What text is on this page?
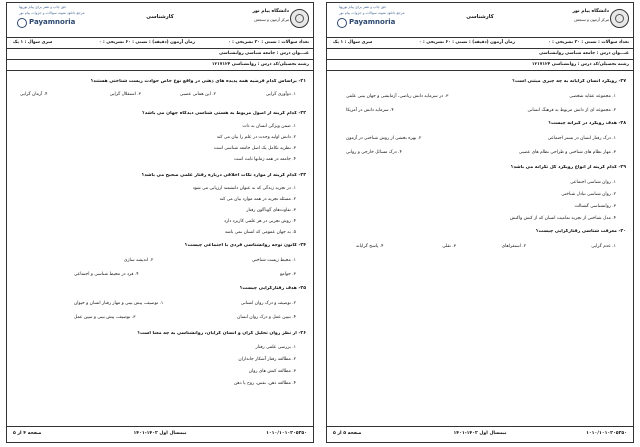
دانشگاه پیام نور
مرکز آزمون و سنجش
کارشناسی
حق چاپ و نشر برای پیام نوریها
مرجع دانلود نمونه سوالات و جزوات پیام نور
Payamnoria
تعداد سوالات : تستی : ۳۰ تشریحی : ۰
زمان آزمون (دقیقه) : تستی : ۶۰ تشریحی : ۰
سری سوال : ۱ یک
عنـــوان درس : جامعه شناسی روانشناسی
رشته تحصیلی/کد درس : روانشناسی ۱۲۱۷۱۲۴
۲۱- براساس کدام فرضیه همه پدیده های ذهنی در واقع نوع خاص حوادث زیست شناختی هستند؟
۱. دوآوری گرایی
۲. این همانی عصبی
۳. استقلال گرایی
۴. آرمان گرایی
۲۲- کدام گزینه از اصول مربوط به هستی شناسی دیدگاه جهان می باشد؟
۱. ضمن ویژگی انسان به ذات
۲. دانش اولیه وحدت در علم را بیان می کند
۳. نظریه تکامل یک اصل جامعه شناسی است
۴. جامعه در همه زمانها ثابت است
۲۳- کدام گزینه از موارد نکات اخلاقی درباره رفتار علمی صحیح می باشد؟
۱. در تجربه زندگی که به عنوان دانشمند ارزیابی می شود
۲. مسئله تجربه در همه موارد بیان می کند
۳. تفاوت‌های گوناگون رفتار
۴. روش تجربی در هر علمی کاربرد دارد
۵. به جهان عمومی که انسان نمی باشد
۲۴- کانون توجه روانشناسی فردی با اجتماعی چیست؟
۱. محیط زیست شناختی
۲. اندیشه سازی
۳. جوامع
۴. فرد در محیط شناسی و اجتماعی
۲۵- هدف رفتارگرایی چیست؟
۱. توصیف، پیش بینی و مهار رفتار انسان و حیوان	۲. توصیف و درک روان انسانی
۳. توصیف، پیش بینی و تبیین عمل	۴. تبیین عمل و درک روان انسان
۲۶- از نظر روان تحلیل گران و انسان گرایان، روانشناسی به چه معنا است؟
۱. بررسی علمی رفتار
۲. مطالعه رفتار آشکار جانداران
۳. مطالعه کنش های روان
۴. مطالعه ذهن، نفس، روح یا ذهن
صفحه ۴ از ۵	نیمسال اول ۱۴۰۲-۱۴۰۱	۱۰۱۰/۱۰۱۰۲۰۵۲۵۰
دانشگاه پیام نور
مرکز آزمون و سنجش
کارشناسی
حق چاپ و نشر برای پیام نوریها
مرجع دانلود نمونه سوالات و جزوات پیام نور
Payamnoria
تعداد سوالات : تستی : ۳۰ تشریحی : ۰
زمان آزمون (دقیقه) : تستی : ۶۰ تشریحی : ۰
سری سوال : ۱ یک
عنـــوان درس : جامعه شناسی روانشناسی
رشته تحصیلی/کد درس : روانشناسی ۱۲۱۷۱۲۴
۲۷- رویکرد انسان گرایانه به چه چیزی مبتنی است؟
۱. مجموعه عقاید شخصی
۲. مجموعه ای از دانش مربوط به فرهنگ انسانی
۳. در سرمایه دانش ریاضی، آزمایشی و جهان بینی علمی
۴. سرمایه دانش در آمریکا
۲۸- هدف رویکرد در گیرانه چیست؟
۱. درک رفتار انسان در بستر اجتماعی
۲. بهره بخشی از روش شناختی در آزمون
۳. مهار نظام های شناختی و طراحی نظام های عصبی
۴. درک مسائل خارجی و روانی
۲۹- کدام گزینه از انواع رویکرد کل نگرانه می باشد؟
۱. روان شناسی اجتماعی
۲. روان شناسی تبادل شناختی
۳. روانشناسی گشتالت
۴. مدل شناختی از تجربه تمامیت انسان که از کنش واکنش
۳۰- معرفت شناسی رفتارگرایی چیست؟
۱. عدم گرایی
۲. استقراهای
۳. تقلی
۴. پاسخ گرایانه
صفحه ۵ از ۵	نیمسال اول ۱۴۰۲-۱۴۰۱	۱۰۱۰/۱۰۱۰۲۰۵۲۵۰
